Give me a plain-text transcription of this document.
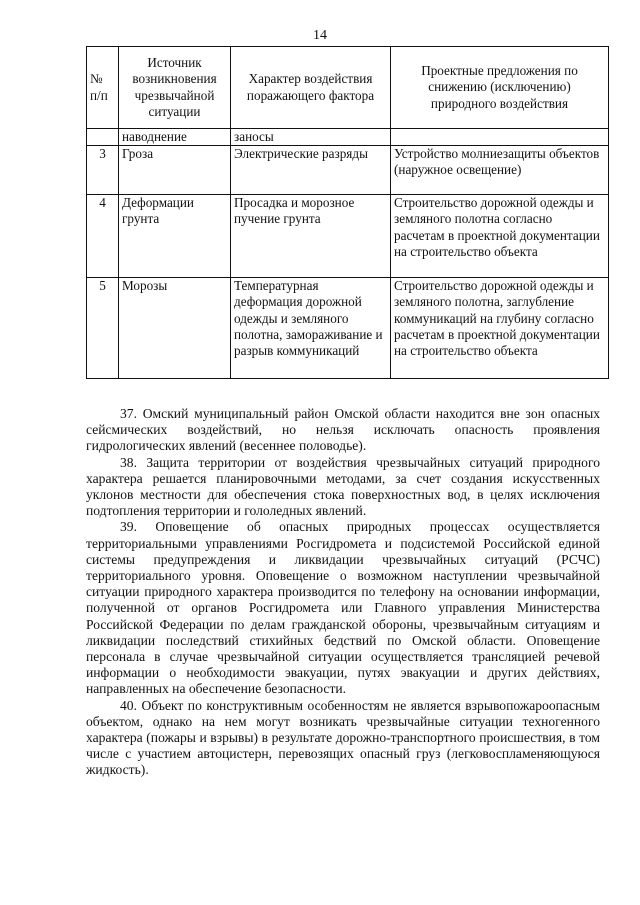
14
№ п/п	Источник возникновения чрезвычайной ситуации	Характер воздействия поражающего фактора	Проектные предложения по снижению (исключению) природного воздействия
	наводнение	заносы	
3	Гроза	Электрические разряды	Устройство молниезащиты объектов (наружное освещение)
4	Деформации грунта	Просадка и морозное пучение грунта	Строительство дорожной одежды и земляного полотна согласно расчетам в проектной документации на строительство объекта
5	Морозы	Температурная деформация дорожной одежды и земляного полотна, замораживание и разрыв коммуникаций	Строительство дорожной одежды и земляного полотна, заглубление коммуникаций на глубину согласно расчетам в проектной документации на строительство объекта

37. Омский муниципальный район Омской области находится вне зон опасных сейсмических воздействий, но нельзя исключать опасность проявления гидрологических явлений (весеннее половодье).

38. Защита территории от воздействия чрезвычайных ситуаций природного характера решается планировочными методами, за счет создания искусственных уклонов местности для обеспечения стока поверхностных вод, в целях исключения подтопления территории и гололедных явлений.

39. Оповещение об опасных природных процессах осуществляется территориальными управлениями Росгидромета и подсистемой Российской единой системы предупреждения и ликвидации чрезвычайных ситуаций (РСЧС) территориального уровня. Оповещение о возможном наступлении чрезвычайной ситуации природного характера производится по телефону на основании информации, полученной от органов Росгидромета или Главного управления Министерства Российской Федерации по делам гражданской обороны, чрезвычайным ситуациям и ликвидации последствий стихийных бедствий по Омской области. Оповещение персонала в случае чрезвычайной ситуации осуществляется трансляцией речевой информации о необходимости эвакуации, путях эвакуации и других действиях, направленных на обеспечение безопасности.

40. Объект по конструктивным особенностям не является взрывопожароопасным объектом, однако на нем могут возникать чрезвычайные ситуации техногенного характера (пожары и взрывы) в результате дорожно-транспортного происшествия, в том числе с участием автоцистерн, перевозящих опасный груз (легковоспламеняющуюся жидкость).
